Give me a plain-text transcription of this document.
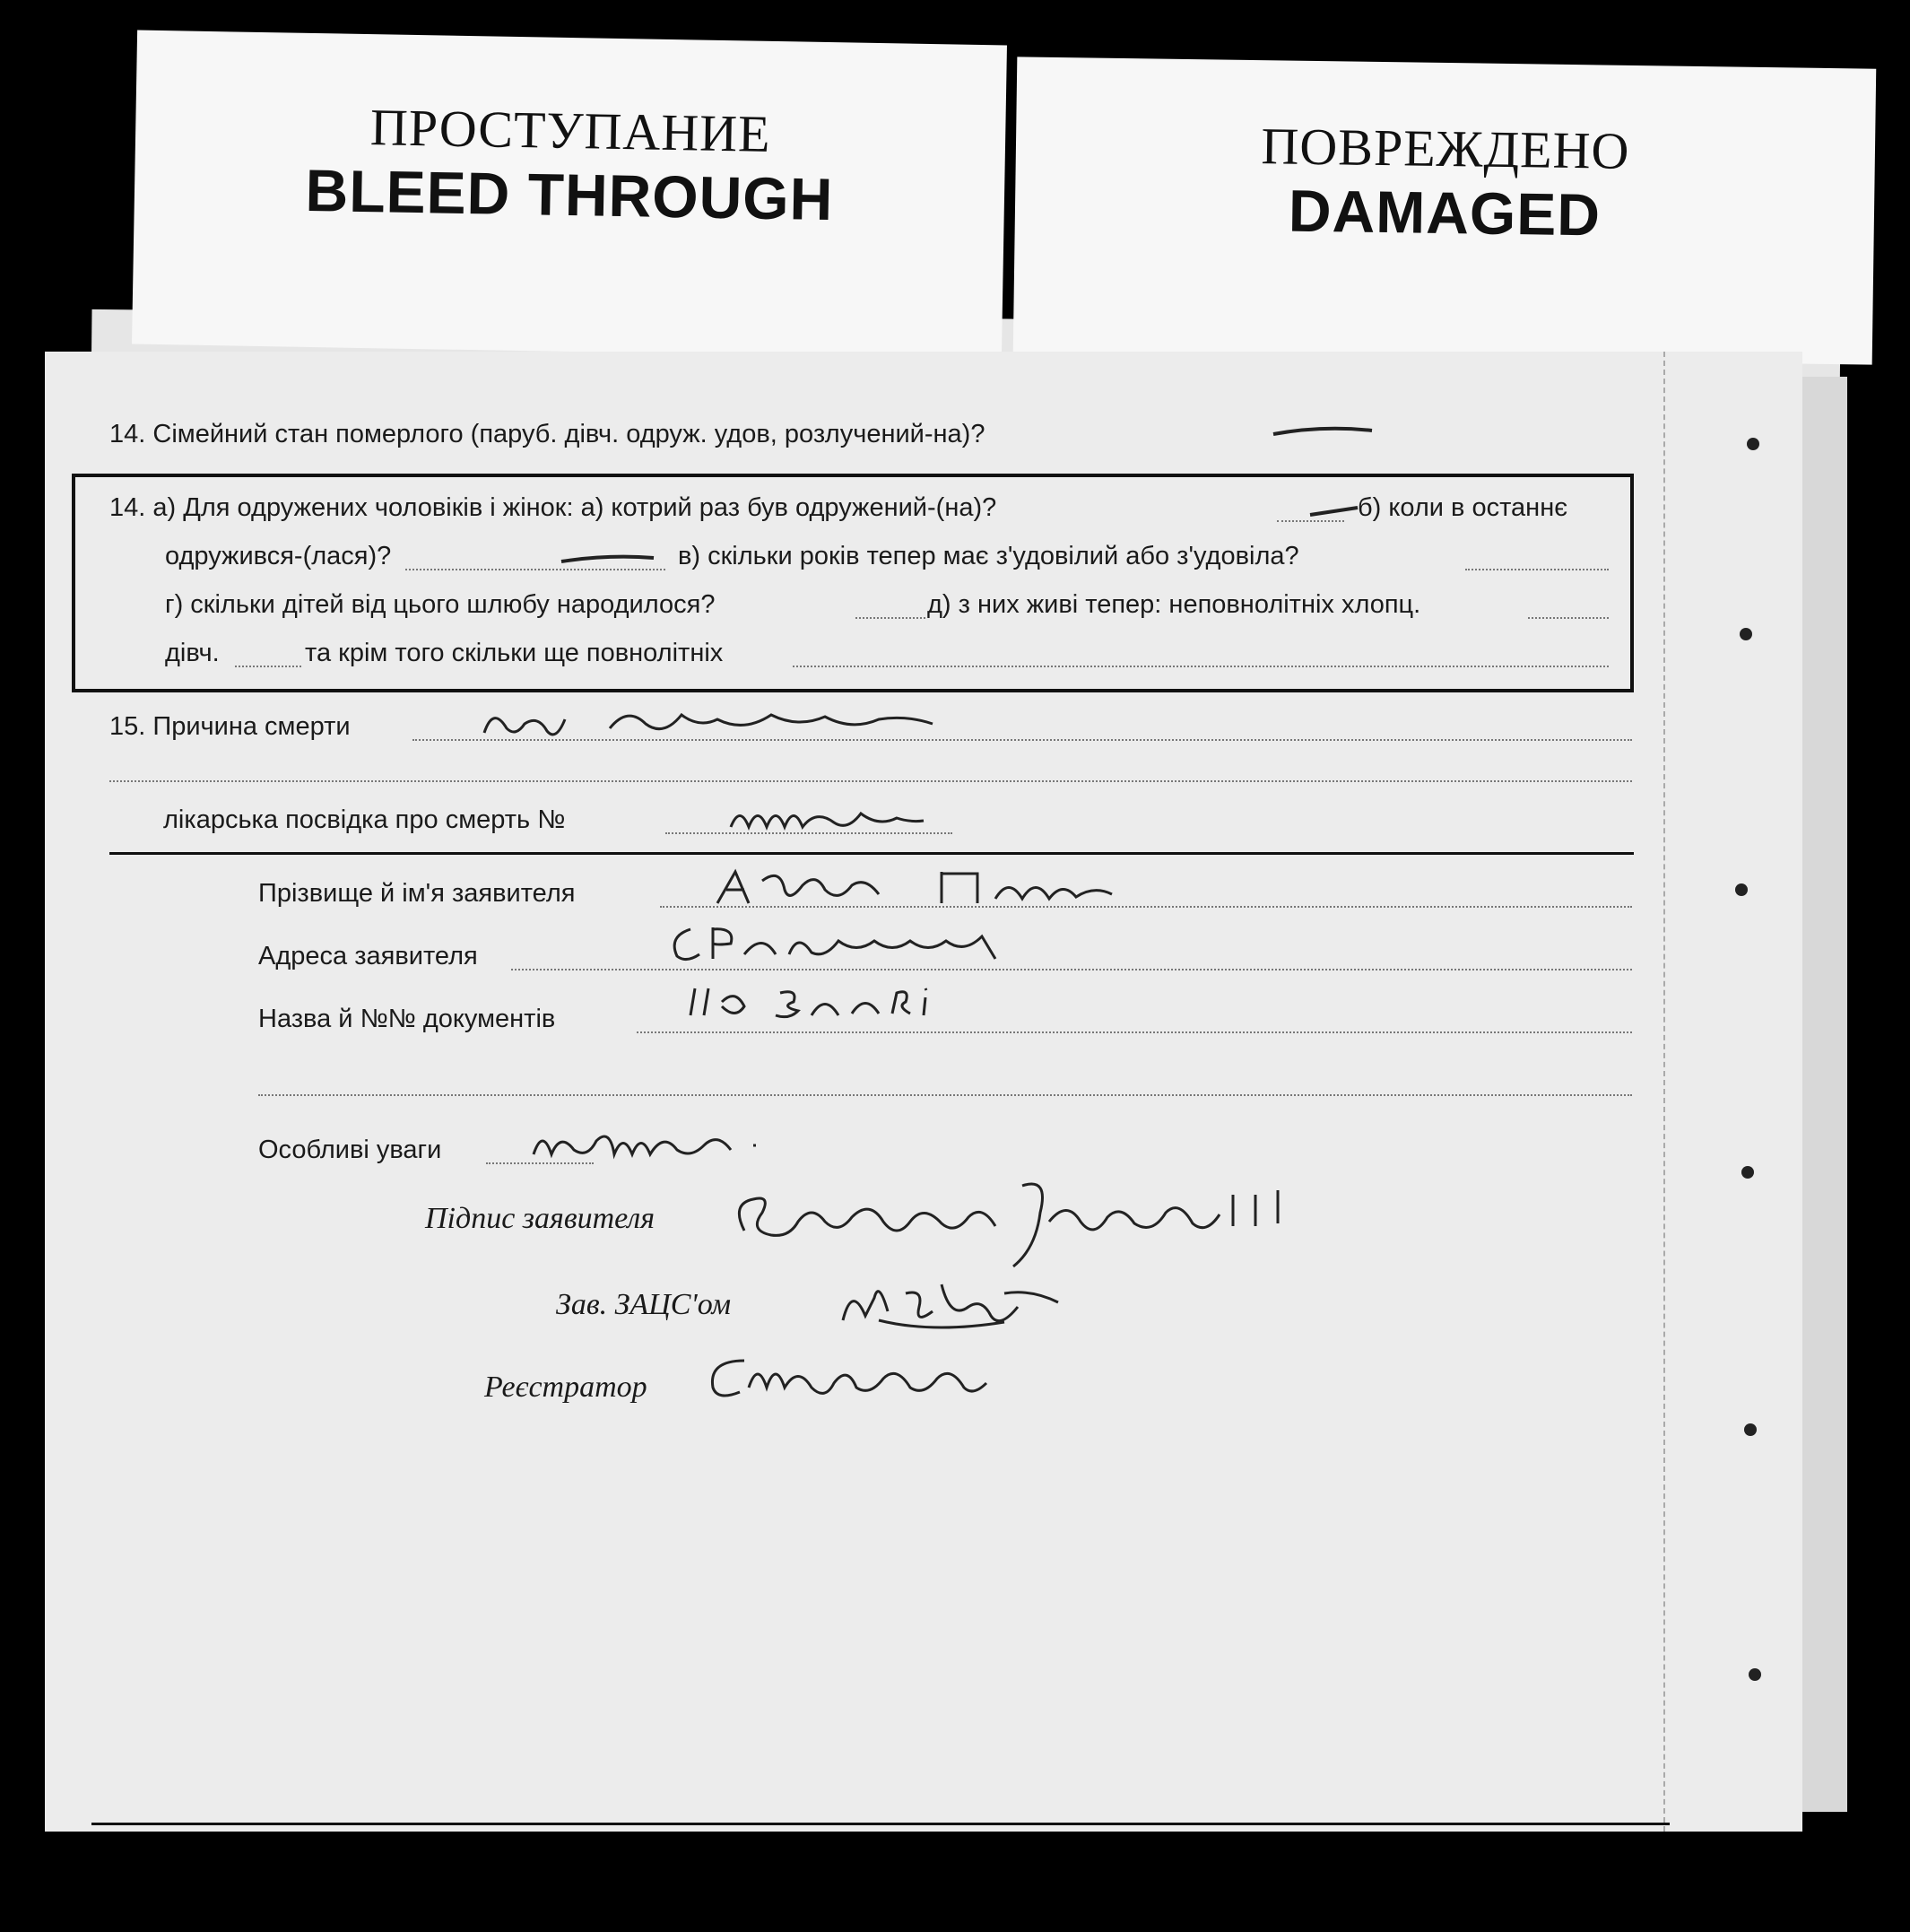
ПРОСТУПАНИЕ
BLEED THROUGH
ПОВРЕЖДЕНО
DAMAGED
14. Сімейний стан померлого (паруб. дівч. одруж. удов, розлучений-на)?
14. а) Для одружених чоловіків і жінок: а) котрий раз був одружений-(на)?	б) коли в останнє
одружився-(лася)?	в) скільки років тепер має з'удовілий або з'удовіла?
г) скільки дітей від цього шлюбу народилося?	д) з них живі тепер: неповнолітніх хлопц.
дівч.	та крім того скільки ще повнолітніх
15. Причина смерти
лікарська посвідка про смерть №
Прізвище й ім'я заявителя
Адреса заявителя
Назва й №№ документів
Особливі уваги
Підпис заявителя
Зав. ЗАЦС'ом
Реєстратор
